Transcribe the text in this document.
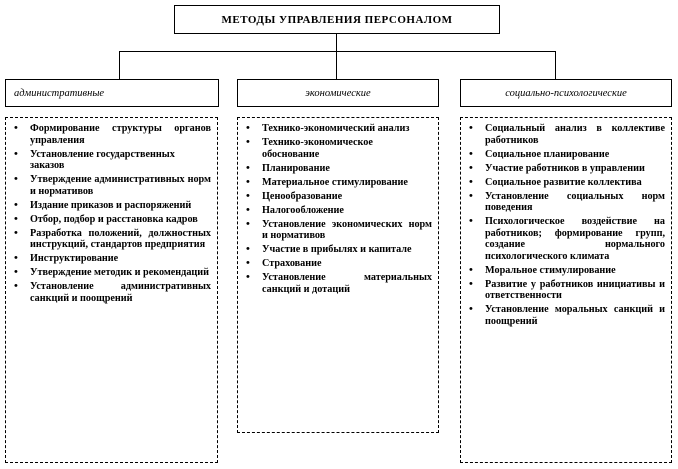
МЕТОДЫ УПРАВЛЕНИЯ ПЕРСОНАЛОМ
административные	экономические	социально-психологические
• Формирование структуры органов управления
• Установление государственных заказов
• Утверждение административных норм и нормативов
• Издание приказов и распоряжений
• Отбор, подбор и расстановка кадров
• Разработка положений, должностных инструкций, стандартов предприятия
• Инструктирование
• Утверждение методик и рекомендаций
• Установление административных санкций и поощрений
• Технико-экономический анализ
• Технико-экономическое обоснование
• Планирование
• Материальное стимулирование
• Ценообразование
• Налогообложение
• Установление экономических норм и нормативов
• Участие в прибылях и капитале
• Страхование
• Установление материальных санкций и дотаций
• Социальный анализ в коллективе работников
• Социальное планирование
• Участие работников в управлении
• Социальное развитие коллектива
• Установление социальных норм поведения
• Психологическое воздействие на работников; формирование групп, создание нормального психологического климата
• Моральное стимулирование
• Развитие у работников инициативы и ответственности
• Установление моральных санкций и поощрений
